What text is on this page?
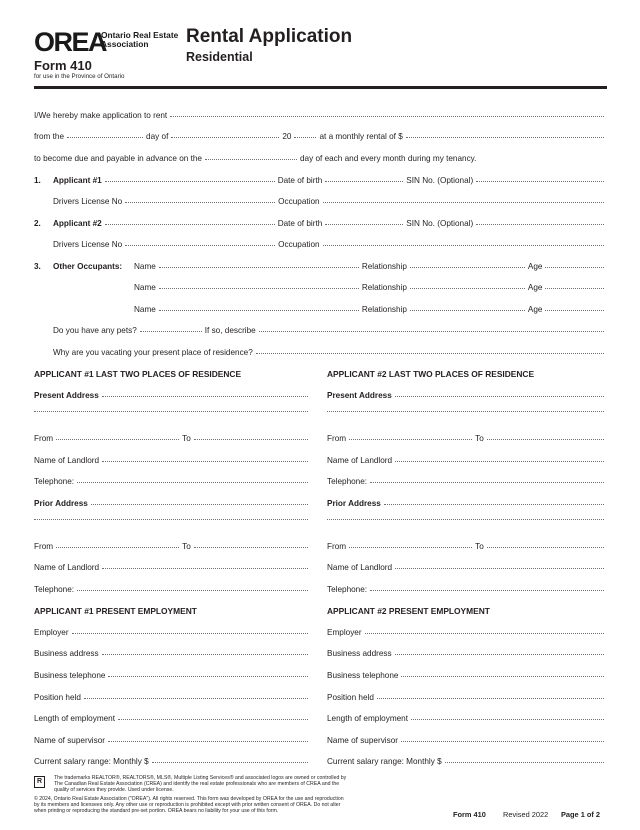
OREA
Ontario Real Estate
Association
Form 410
for use in the Province of Ontario
Rental Application
Residential
I/We hereby make application to rent
from the	day of	20	at a monthly rental of $
to become due and payable in advance on the	day of each and every month during my tenancy.
1.	Applicant #1	Date of birth	SIN No. (Optional)
Drivers License No	Occupation
2.	Applicant #2	Date of birth	SIN No. (Optional)
Drivers License No	Occupation
3.	Other Occupants:	Name	Relationship	Age
Name	Relationship	Age
Name	Relationship	Age
Do you have any pets?	If so, describe
Why are you vacating your present place of residence?
APPLICANT #1 LAST TWO PLACES OF RESIDENCE	APPLICANT #2 LAST TWO PLACES OF RESIDENCE
Present Address
From	To
Name of Landlord
Telephone:
Prior Address
From	To
Name of Landlord
Telephone:
Present Address
From	To
Name of Landlord
Telephone:
Prior Address
From	To
Name of Landlord
Telephone:
APPLICANT #1 PRESENT EMPLOYMENT	APPLICANT #2 PRESENT EMPLOYMENT
Employer
Business address
Business telephone
Position held
Length of employment
Name of supervisor
Current salary range: Monthly $
Employer
Business address
Business telephone
Position held
Length of employment
Name of supervisor
Current salary range: Monthly $
R	The trademarks REALTOR®, REALTORS®, MLS®, Multiple Listing Services® and associated logos are owned or controlled by
The Canadian Real Estate Association (CREA) and identify the real estate professionals who are members of CREA and the
quality of services they provide. Used under license.
© 2024, Ontario Real Estate Association ("OREA"). All rights reserved. This form was developed by OREA for the use and reproduction
by its members and licensees only. Any other use or reproduction is prohibited except with prior written consent of OREA. Do not alter
when printing or reproducing the standard pre-set portion. OREA bears no liability for your use of this form.	Form 410 Revised 2022 Page 1 of 2
